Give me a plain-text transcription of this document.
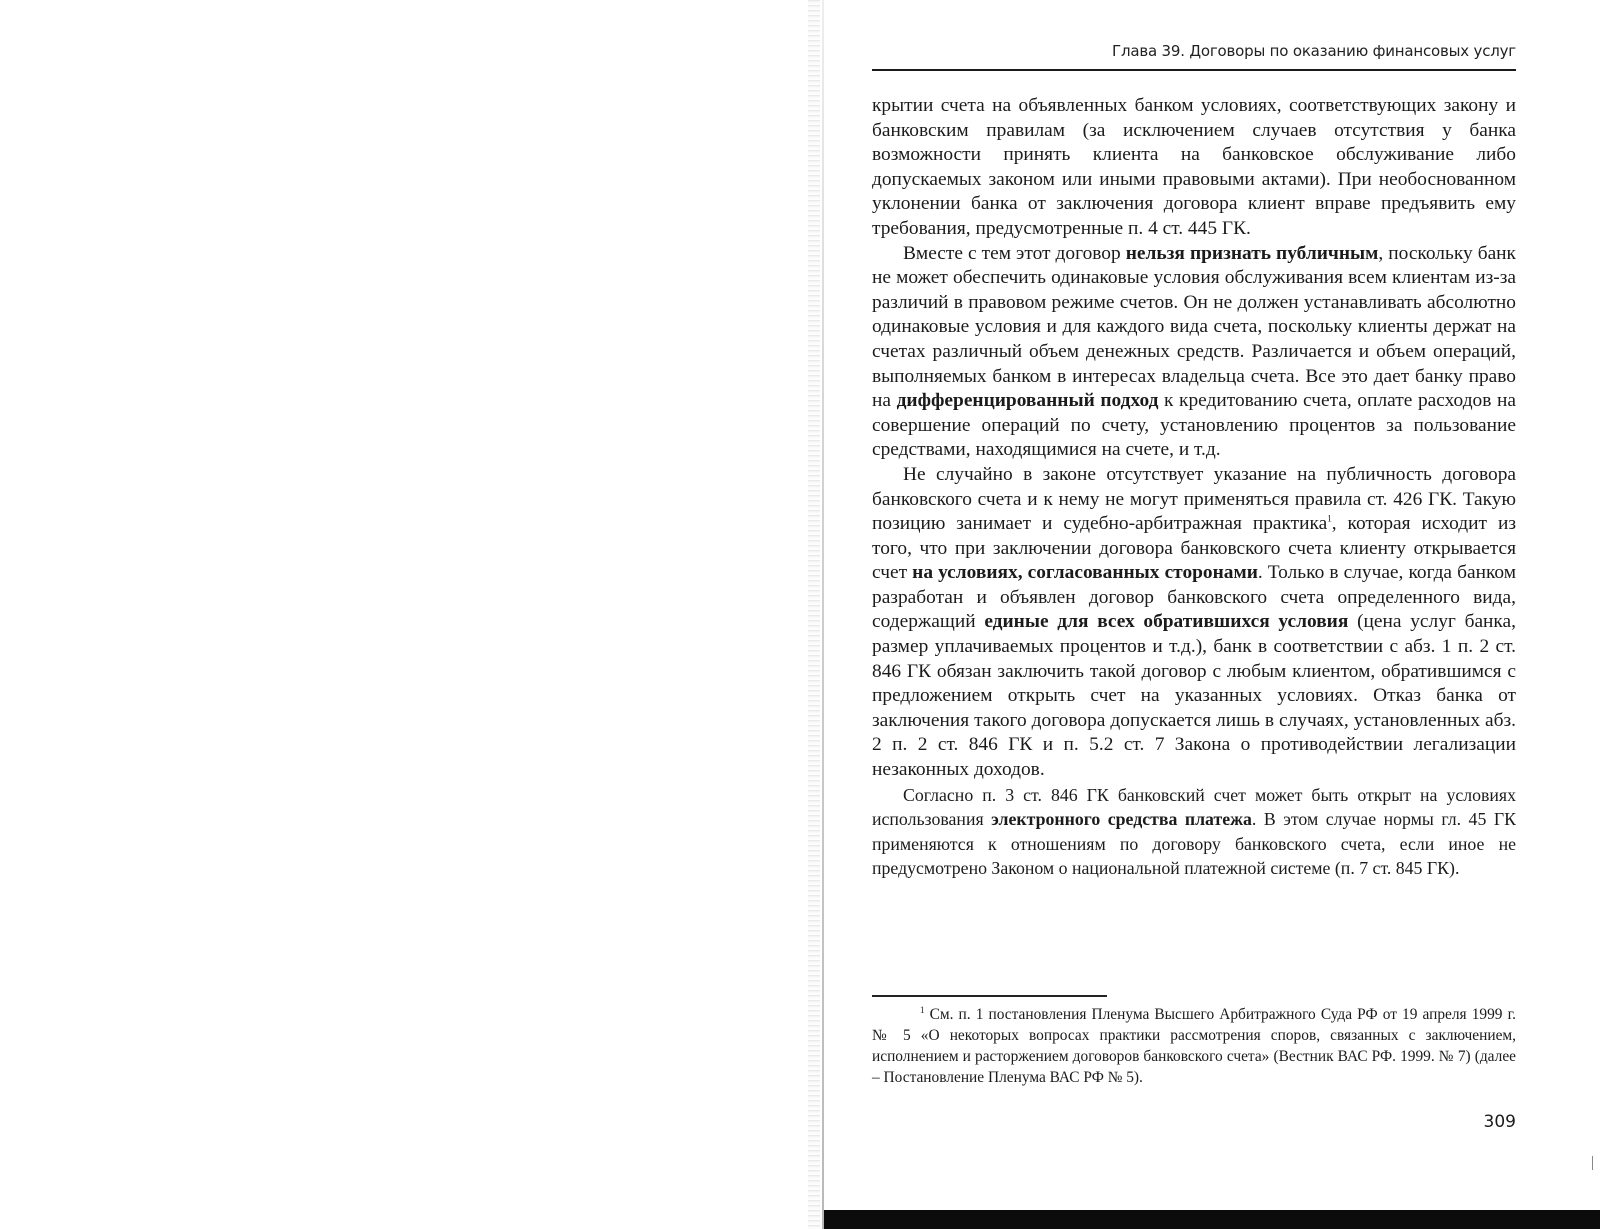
Глава 39. Договоры по оказанию финансовых услуг

крытии счета на объявленных банком условиях, соответствующих закону и банковским правилам (за исключением случаев отсутствия у банка возможности принять клиента на банковское обслуживание либо допускаемых законом или иными правовыми актами). При необоснованном уклонении банка от заключения договора клиент вправе предъявить ему требования, предусмотренные п. 4 ст. 445 ГК.

Вместе с тем этот договор нельзя признать публичным, поскольку банк не может обеспечить одинаковые условия обслуживания всем клиентам из-за различий в правовом режиме счетов. Он не должен устанавливать абсолютно одинаковые условия и для каждого вида счета, поскольку клиенты держат на счетах различный объем денежных средств. Различается и объем операций, выполняемых банком в интересах владельца счета. Все это дает банку право на дифференцированный подход к кредитованию счета, оплате расходов на совершение операций по счету, установлению процентов за пользование средствами, находящимися на счете, и т.д.

Не случайно в законе отсутствует указание на публичность договора банковского счета и к нему не могут применяться правила ст. 426 ГК. Такую позицию занимает и судебно-арбитражная практика$^1$, которая исходит из того, что при заключении договора банковского счета клиенту открывается счет на условиях, согласованных сторонами. Только в случае, когда банком разработан и объявлен договор банковского счета определенного вида, содержащий единые для всех обратившихся условия (цена услуг банка, размер уплачиваемых процентов и т.д.), банк в соответствии с абз. 1 п. 2 ст. 846 ГК обязан заключить такой договор с любым клиентом, обратившимся с предложением открыть счет на указанных условиях. Отказ банка от заключения такого договора допускается лишь в случаях, установленных абз. 2 п. 2 ст. 846 ГК и п. 5.2 ст. 7 Закона о противодействии легализации незаконных доходов.

Согласно п. 3 ст. 846 ГК банковский счет может быть открыт на условиях использования электронного средства платежа. В этом случае нормы гл. 45 ГК применяются к отношениям по договору банковского счета, если иное не предусмотрено Законом о национальной платежной системе (п. 7 ст. 845 ГК).

$^1$ См. п. 1 постановления Пленума Высшего Арбитражного Суда РФ от 19 апреля 1999 г. № 5 «О некоторых вопросах практики рассмотрения споров, связанных с заключением, исполнением и расторжением договоров банковского счета» (Вестник ВАС РФ. 1999. № 7) (далее – Постановление Пленума ВАС РФ № 5).

309
